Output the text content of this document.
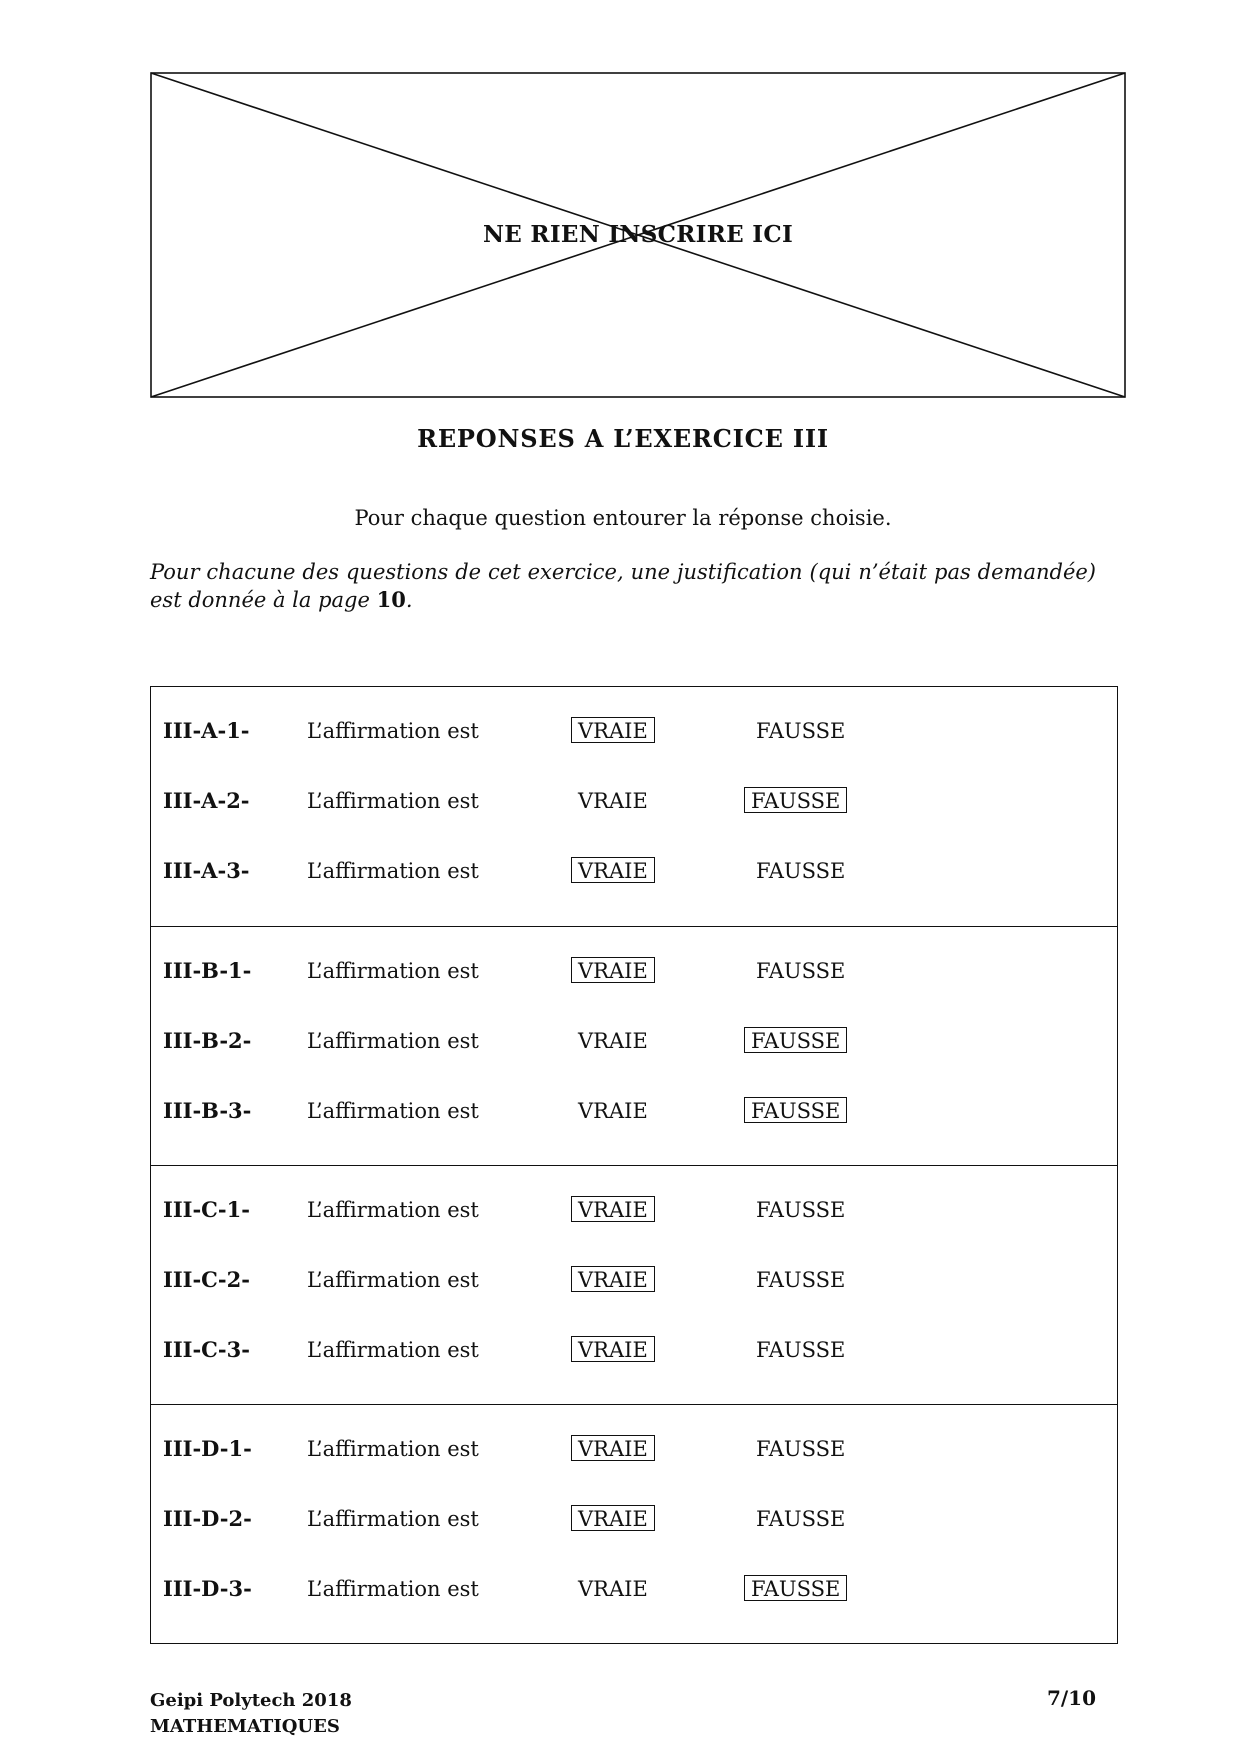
NE RIEN INSCRIRE ICI
REPONSES A L’EXERCICE III
Pour chaque question entourer la réponse choisie.
Pour chacune des questions de cet exercice, une justification (qui n’était pas demandée) est donnée à la page 10.
III-A-1-	L’affirmation est	VRAIE	FAUSSE
III-A-2-	L’affirmation est	VRAIE	FAUSSE
III-A-3-	L’affirmation est	VRAIE	FAUSSE
III-B-1-	L’affirmation est	VRAIE	FAUSSE
III-B-2-	L’affirmation est	VRAIE	FAUSSE
III-B-3-	L’affirmation est	VRAIE	FAUSSE
III-C-1-	L’affirmation est	VRAIE	FAUSSE
III-C-2-	L’affirmation est	VRAIE	FAUSSE
III-C-3-	L’affirmation est	VRAIE	FAUSSE
III-D-1-	L’affirmation est	VRAIE	FAUSSE
III-D-2-	L’affirmation est	VRAIE	FAUSSE
III-D-3-	L’affirmation est	VRAIE	FAUSSE
Geipi Polytech 2018
MATHEMATIQUES
7/10
